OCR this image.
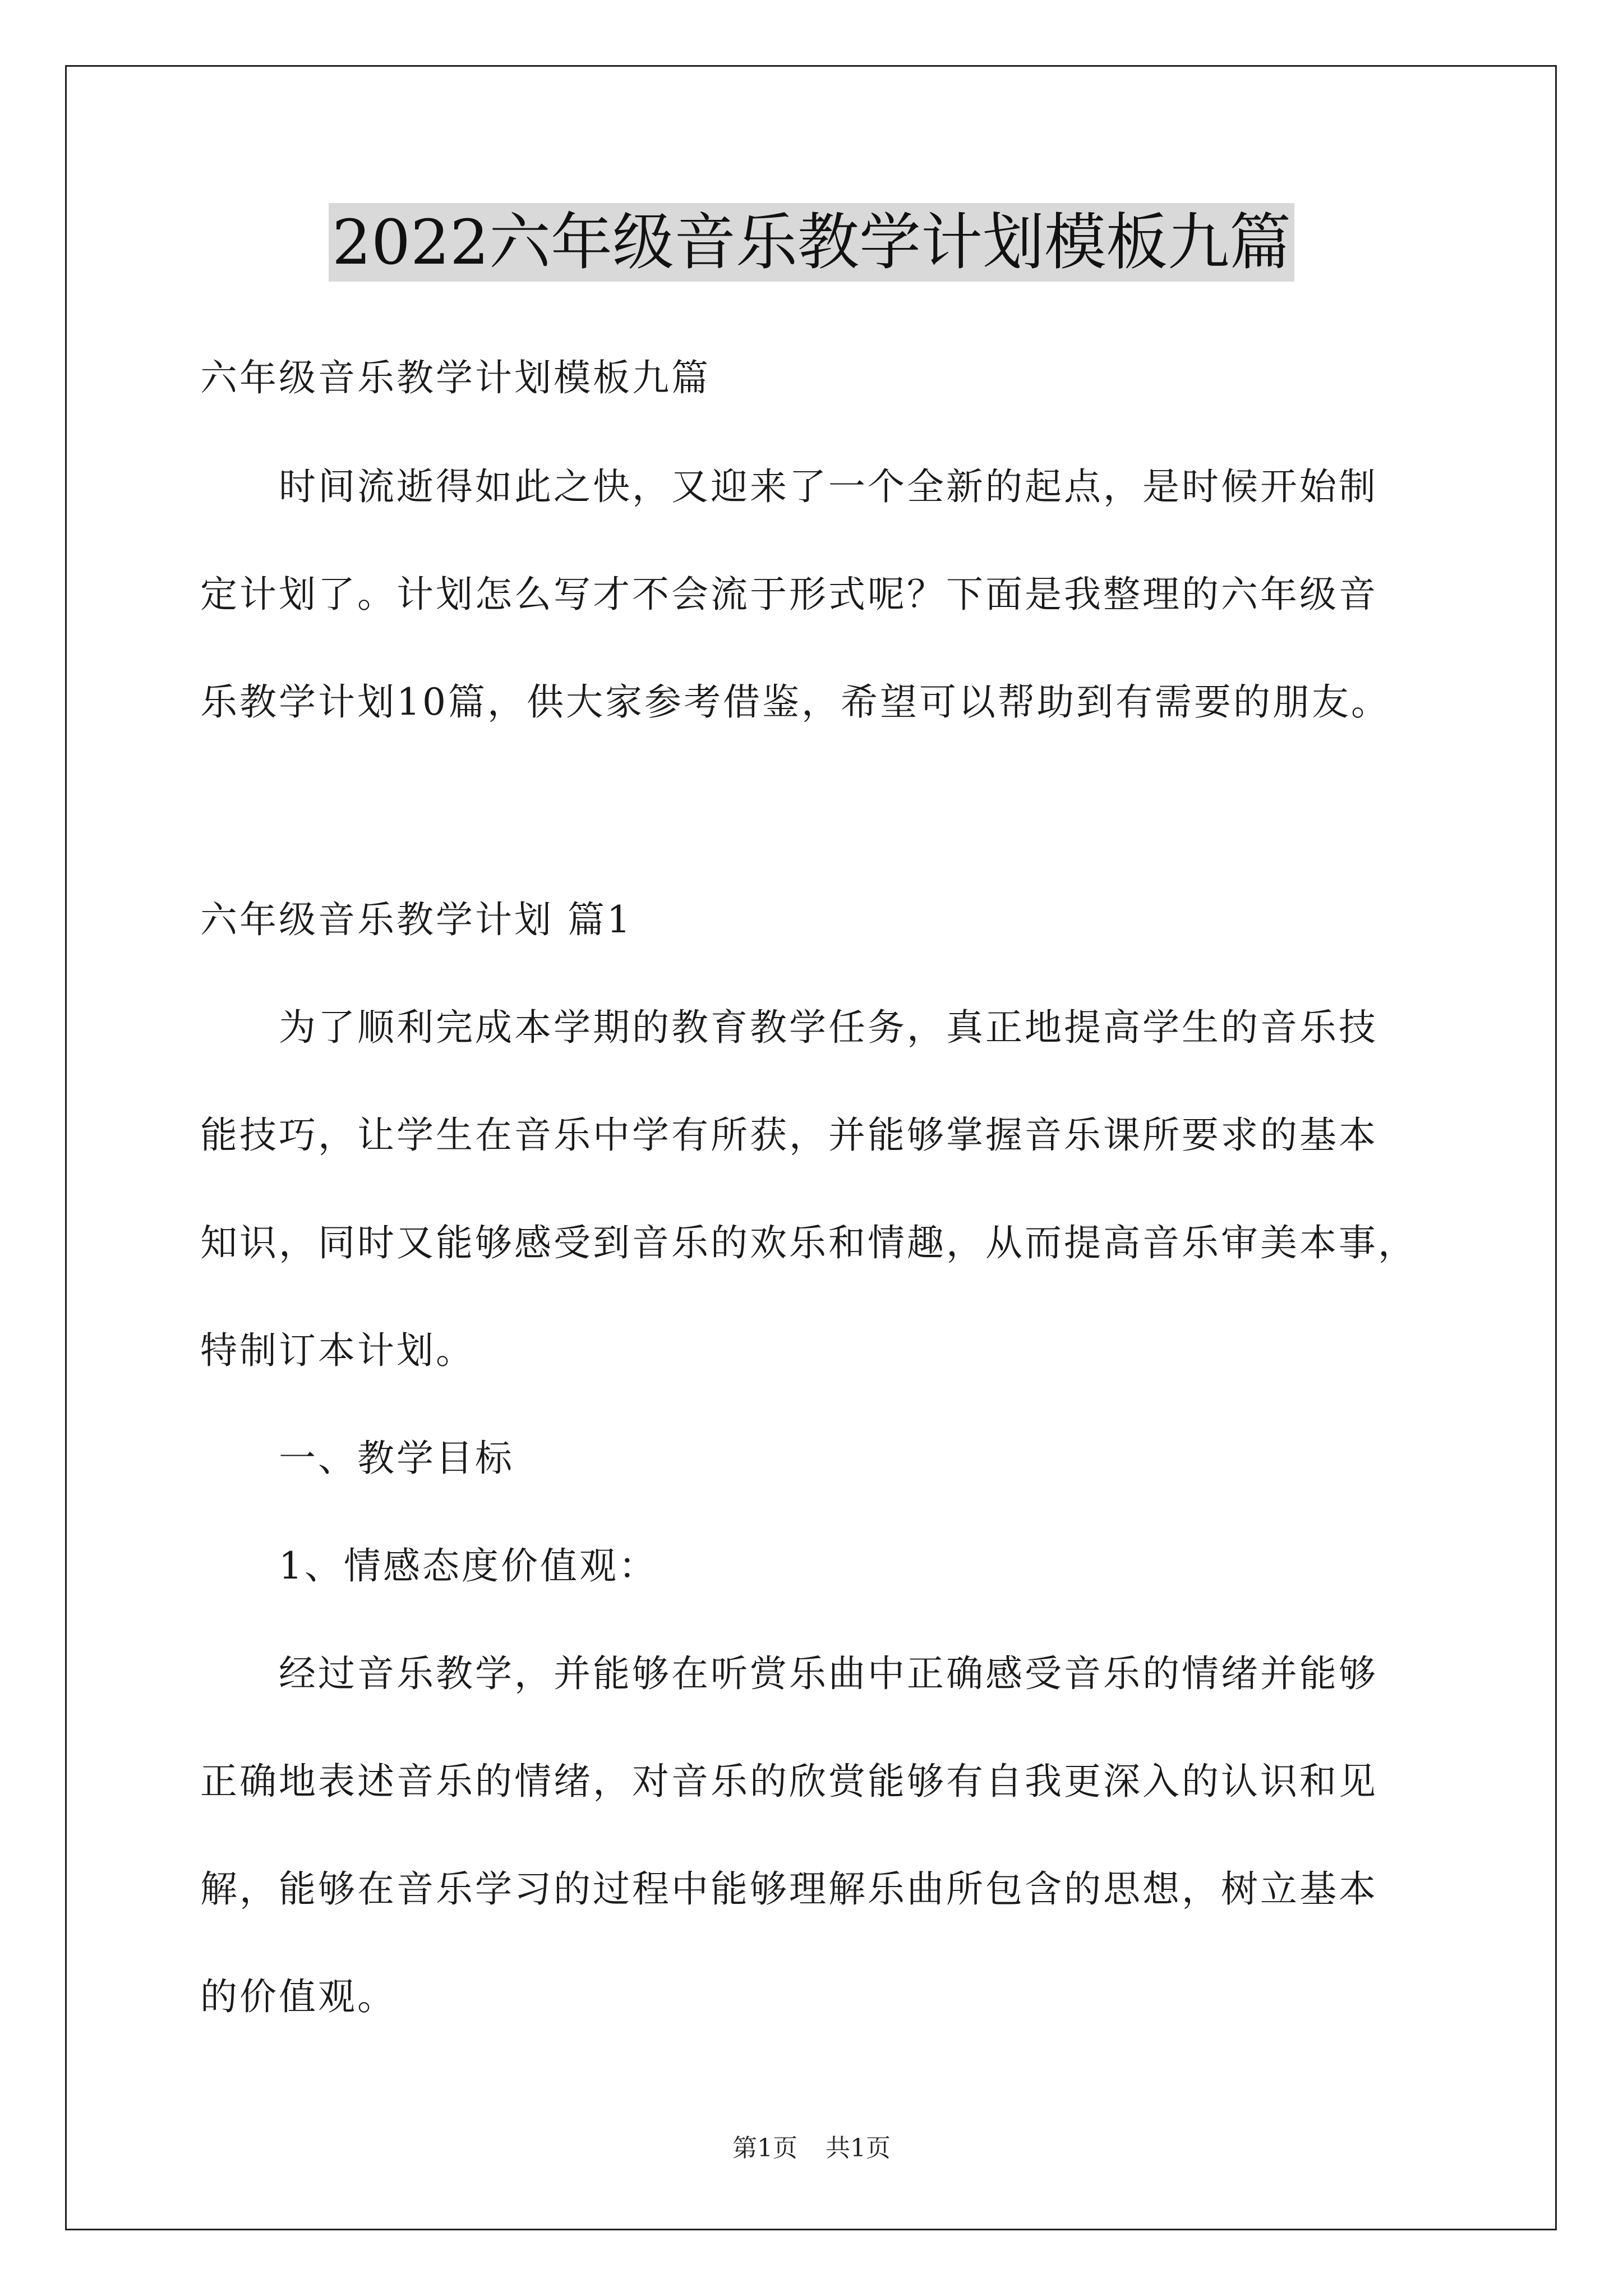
2022六年级音乐教学计划模板九篇
六年级音乐教学计划模板九篇
时间流逝得如此之快，又迎来了一个全新的起点，是时候开始制
定计划了。计划怎么写才不会流于形式呢？下面是我整理的六年级音
乐教学计划10篇，供大家参考借鉴，希望可以帮助到有需要的朋友。
六年级音乐教学计划 篇1
为了顺利完成本学期的教育教学任务，真正地提高学生的音乐技
能技巧，让学生在音乐中学有所获，并能够掌握音乐课所要求的基本
知识，同时又能够感受到音乐的欢乐和情趣，从而提高音乐审美本事，
特制订本计划。
一、教学目标
1、情感态度价值观：
经过音乐教学，并能够在听赏乐曲中正确感受音乐的情绪并能够
正确地表述音乐的情绪，对音乐的欣赏能够有自我更深入的认识和见
解，能够在音乐学习的过程中能够理解乐曲所包含的思想，树立基本
的价值观。
第1页 共1页
